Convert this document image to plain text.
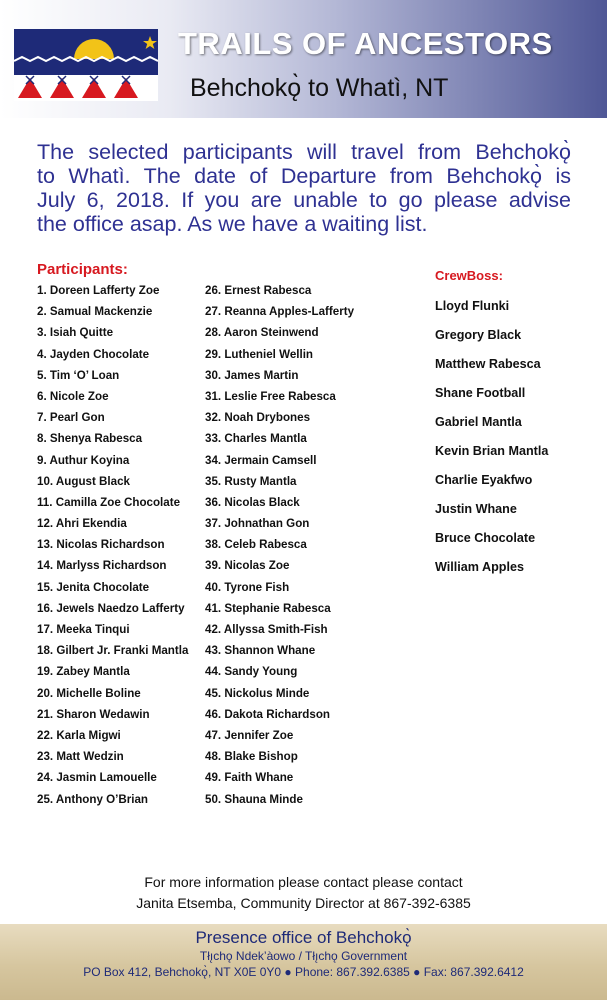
TRAILS OF ANCESTORS
Behchokǫ̀ to Whatì, NT
The selected participants will travel from Behchokǫ̀
to Whatì. The date of Departure from Behchokǫ̀ is
July 6, 2018. If you are unable to go please advise
the office asap. As we have a waiting list.
Participants:	CrewBoss:
1. Doreen Lafferty Zoe
2. Samual Mackenzie
3. Isiah Quitte
4. Jayden Chocolate
5. Tim ‘O’ Loan
6. Nicole Zoe
7. Pearl Gon
8. Shenya Rabesca
9. Authur Koyina
10. August Black
11. Camilla Zoe Chocolate
12. Ahri Ekendia
13. Nicolas Richardson
14. Marlyss Richardson
15. Jenita Chocolate
16. Jewels Naedzo Lafferty
17. Meeka Tinqui
18. Gilbert Jr. Franki Mantla
19. Zabey Mantla
20. Michelle Boline
21. Sharon Wedawin
22. Karla Migwi
23. Matt Wedzin
24. Jasmin Lamouelle
25. Anthony O’Brian
26. Ernest Rabesca
27. Reanna Apples-Lafferty
28. Aaron Steinwend
29. Lutheniel Wellin
30. James Martin
31. Leslie Free Rabesca
32. Noah Drybones
33. Charles Mantla
34. Jermain Camsell
35. Rusty Mantla
36. Nicolas Black
37. Johnathan Gon
38. Celeb Rabesca
39. Nicolas Zoe
40. Tyrone Fish
41. Stephanie Rabesca
42. Allyssa Smith-Fish
43. Shannon Whane
44. Sandy Young
45. Nickolus Minde
46. Dakota Richardson
47. Jennifer Zoe
48. Blake Bishop
49. Faith Whane
50. Shauna Minde
Lloyd Flunki
Gregory Black
Matthew Rabesca
Shane Football
Gabriel Mantla
Kevin Brian Mantla
Charlie Eyakfwo
Justin Whane
Bruce Chocolate
William Apples
For more information please contact please contact
Janita Etsemba, Community Director at 867-392-6385
Presence office of Behchokǫ̀
Tłı̨chǫ Ndek’àowo / Tłı̨chǫ Government
PO Box 412, Behchokǫ̀, NT X0E 0Y0 ● Phone: 867.392.6385 ● Fax: 867.392.6412
